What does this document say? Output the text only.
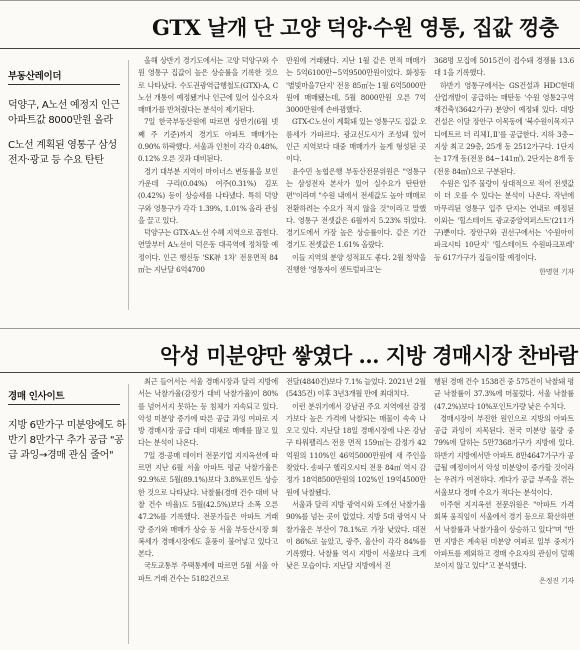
GTX 날개 단 고양 덕양·수원 영통, 집값 껑충
부동산레이더
덕양구, A노선 예정지 인근 아파트값 8000만원 올라
C노선 계획된 영통구 삼성전자·광교 등 수요 탄탄

올해 상반기 경기도에서는 고양 덕양구와 수원 영통구 집값이 높은 상승률을 기록한 것으로 나타났다. 수도권광역급행철도(GTX)-A, C노선 개통이 예정됐거나 인근에 있어 실수요자 매매가를 반쳐줬다는 분석이 제기된다.

7일 한국부동산원에 따르면 상반기(6월 넷째 주 기준)까지 경기도 아파트 매매가는 0.90% 하락했다. 서울과 인천이 각각 0.48%, 0.12% 오른 것과 대비된다.

경기 대부분 지역이 마이너스 변동률을 보인 가운데 구리(0.04%) 여주(0.31%) 김포(0.42%) 등이 상승세를 나타냈다. 특히 덕양구와 영통구가 각각 1.39%, 1.01% 올라 관심을 끌고 있다.

덕양구는 GTX-A노선 수혜 지역으로 꼽힌다. 연말부터 A노선이 덕은동 대곡역에 정차할 예정이다. 인근 행신동 'SK뷰 1차' 전용면적 84㎡는 지난달 6억4700

만원에 거래됐다. 지난 1월 같은 면적 매매가는 5억6100만~5억9500만원이었다. 화정동 '별빛마을7단지' 전용 85㎡는 1월 6억5000만원에 매매됐는데, 5월 8000만원 오른 7억3000만원에 손바뀜했다.

GTX-C노선이 계획돼 있는 영통구도 집값 오름세가 가파르다. 광교신도시가 조성돼 있어 인근 지역보다 대중 매매가가 높게 형성된 곳이다.

윤수민 농협은행 부동산전문위원은 "영통구는 삼성전자 본사가 있어 실수요가 탄탄한 편"이라며 "수원 내에서 전세값도 높아 매매로 전환하려는 수요가 적지 않을 것"이라고 말했다. 영통구 전셋값은 6월까지 5.23% 뛰었다. 경기도에서 가장 높은 상승률이다. 같은 기간 경기도 전셋값은 1.61% 올랐다.

이들 지역의 분양 성적표도 좋다. 2월 청약을 진행한 '영통자이 센트럴파크'는

368명 모집에 5015건이 접수돼 경쟁률 13.6 대 1을 기록했다.

하반기 영통구에서는 GS건설과 HDC현대산업개발이 공급하는 매탄동 '수원 영통2구역 재건축'(3642가구) 분양이 예정돼 있다. 대방건설은 이달 장안구 이목동에 '북수원이목지구 디에트르 더 리체Ⅰ,Ⅱ'를 공급한다. 지하 3층~지상 최고 29층, 25개 동 2512가구다. 1단지는 17개 동(전용 84~141㎡), 2단지는 8개 동(전용 84㎡)으로 구분된다.

수원은 입주 물량이 상대적으로 적어 전셋값이 더 오를 수 있다는 분석이 나온다. 작년에 마무리된 영통구 입주 단지는 연내로 예정된 이외는 '힐스테이트 광교중앙역퍼스트'(211가구)뿐이다. 장안구와 권선구에서는 '수원아이파크시티 10단지' '힐스테이트 수원파크포레' 등 617가구가 집들이할 예정이다.

한명현 기자
악성 미분양만 쌓였다 … 지방 경매시장 찬바람
경매 인사이트
지방 6만가구 미분양에도 하반기 8만가구 추가 공급 "공급 과잉→경매 관심 줄어"

최근 들어서는 서울 경매시장과 달리 지방에서는 낙찰가율(감정가 대비 낙찰가율)이 80%를 넘어서지 못하는 등 침체가 지속되고 있다. 악성 미분양 증가에 따른 공급 과잉 여파로 지방 경매시장 공급 대비 대체로 매매를 많고 있다는 분석이 나온다.

7일 경·공매 데이터 전문기업 지지옥션에 따르면 지난 6월 서울 아파트 평균 낙찰가율은 92.9%로 5월(89.1%)보다 3.8%포인트 상승한 것으로 나타났다. 낙찰률(경매 건수 대비 낙찰 건수 비율)도 5월(42.5%)보다 소폭 오른 47.2%를 기록했다. 전문가들은 아파트 거래량 증가와 매매가 상승 등 서울 부동산시장 회복세가 경매시장에도 훈풍이 불어넣고 있다고 본다.

국토교통부 주택통계에 따르면 5월 서울 아파트 거래 건수는 5182건으로

전달(4840건)보다 7.1% 늘었다. 2021년 2월(5435건) 이후 3년3개월 만에 최대치다.

이런 분위기에서 강남권 주요 지역에선 감정가보다 높은 가격에 낙찰되는 매물이 속속 나오고 있다. 지난달 18일 경매시장에 나온 강남구 타워팰리스 전용 면적 159㎡는 감정가 42억원의 110%인 46억5000만원에 새 주인을 찾았다. 송파구 헬리오시티 전용 84㎡ 역시 감정가 18억8500만원의 102%인 19억4500만원에 낙찰됐다.

서울과 달리 지방 광역시와 도에선 낙찰가율 90%를 넘는 곳이 없었다. 지방 5대 광역시 낙찰가율은 부산이 78.1%로 가장 낮았다. 대전이 86%로 높았고, 광주, 울산이 각각 84%를 기록했다. 낙찰률 역시 지방이 서울보다 크게 낮은 모습이다. 지난달 지방에서 진

행된 경매 건수 1538건 중 575건이 낙찰돼 평균 낙찰률이 37.3%에 머물렀다. 서울 낙찰률(47.2%)보다 10%포인트가량 낮은 수치다.

경매시장이 부진한 원인으로 지방의 아파트 공급 과잉이 지목된다. 전국 미분양 물량 중 79%에 달하는 5만7368가구가 지방에 있다. 하반기 지방에서만 아파트 8만4647가구가 공급될 예정이어서 악성 미분양이 증가할 것이라는 우려가 여전하다. 게다가 공급 부족을 겪는 서울보다 경매 수요가 적다는 분석이다.

이주현 지지옥션 전문위원은 "아파트 가격 회복 움직임이 서울에서 경기 등으로 확산하면서 낙찰률과 낙찰가율이 상승하고 있다"며 "반면 지방은 계속된 미분양 여파로 일부 중저가 아파트를 제외하고 경매 수요자의 관심이 덜해 보이지 않고 있다"고 분석했다.

은정진 기자
